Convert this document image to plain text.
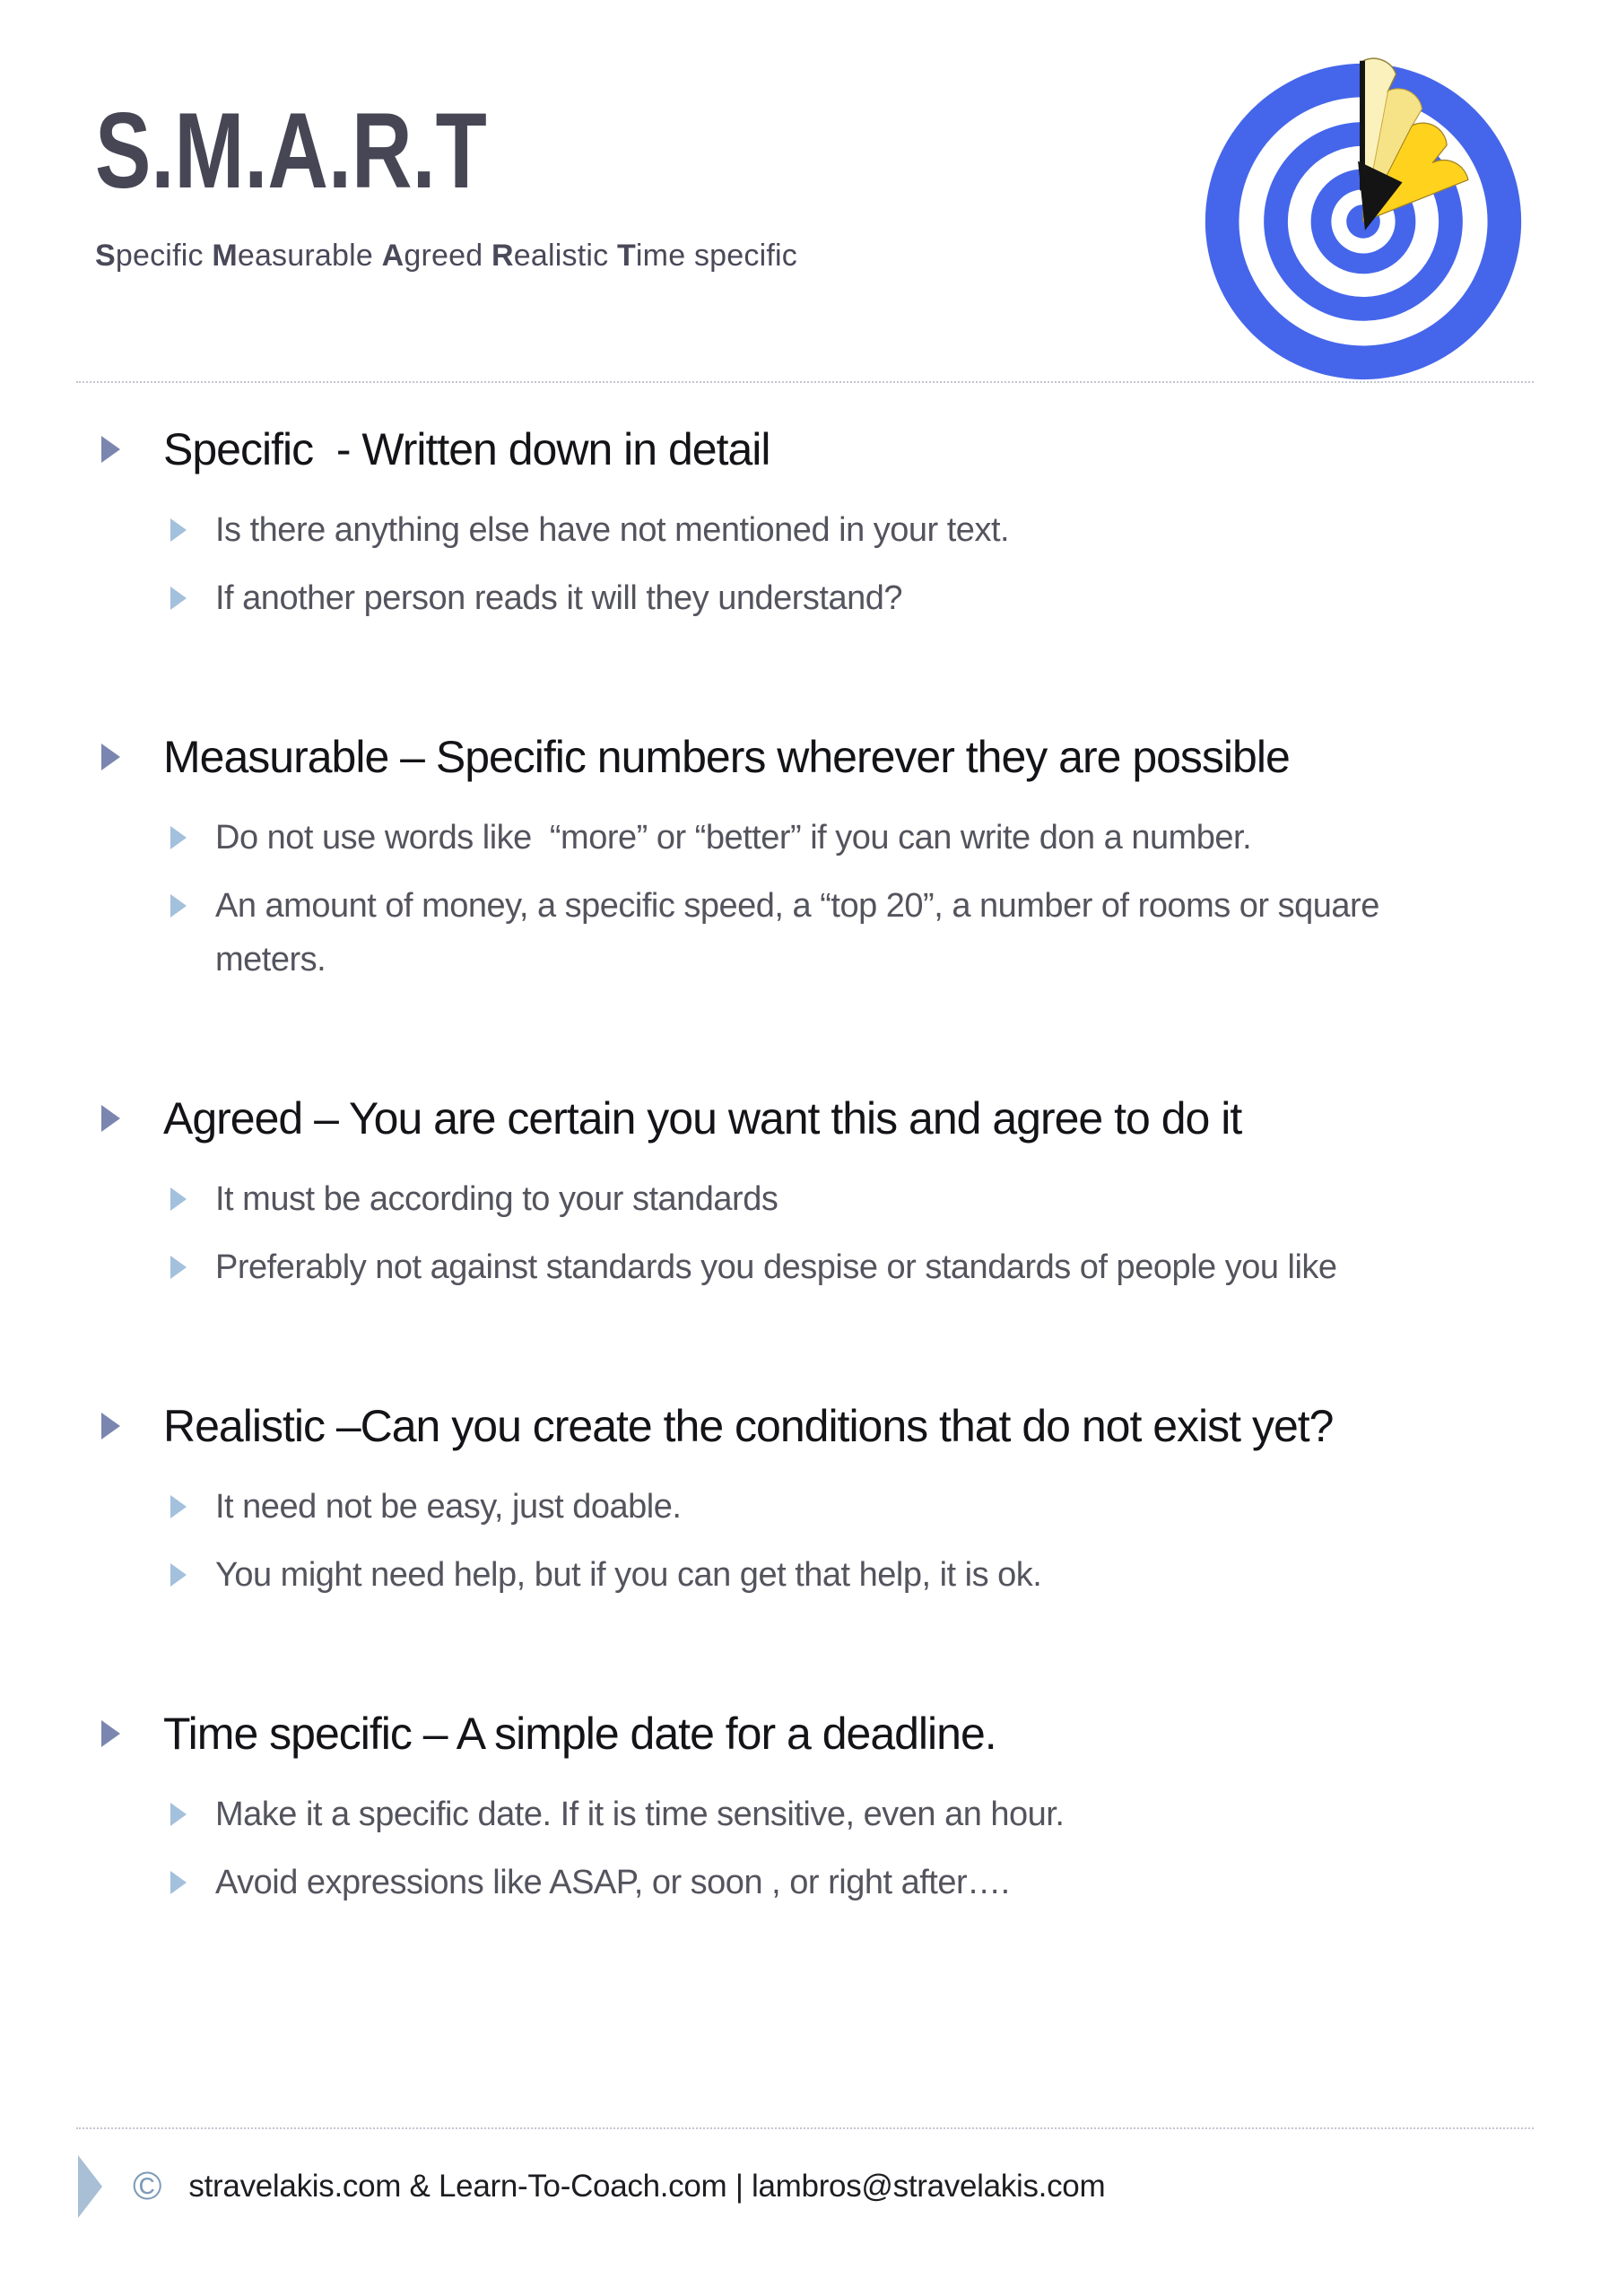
S.M.A.R.T
Specific Measurable Agreed Realistic Time specific
Specific  - Written down in detail
Is there anything else have not mentioned in your text.
If another person reads it will they understand?
Measurable – Specific numbers wherever they are possible
Do not use words like  “more” or “better” if you can write don a number.
An amount of money, a specific speed, a “top 20”, a number of rooms or square meters.
Agreed – You are certain you want this and agree to do it
It must be according to your standards
Preferably not against standards you despise or standards of people you like
Realistic –Can you create the conditions that do not exist yet?
It need not be easy, just doable.
You might need help, but if you can get that help, it is ok.
Time specific – A simple date for a deadline.
Make it a specific date. If it is time sensitive, even an hour.
Avoid expressions like ASAP, or soon , or right after….
© stravelakis.com & Learn-To-Coach.com | lambros@stravelakis.com
